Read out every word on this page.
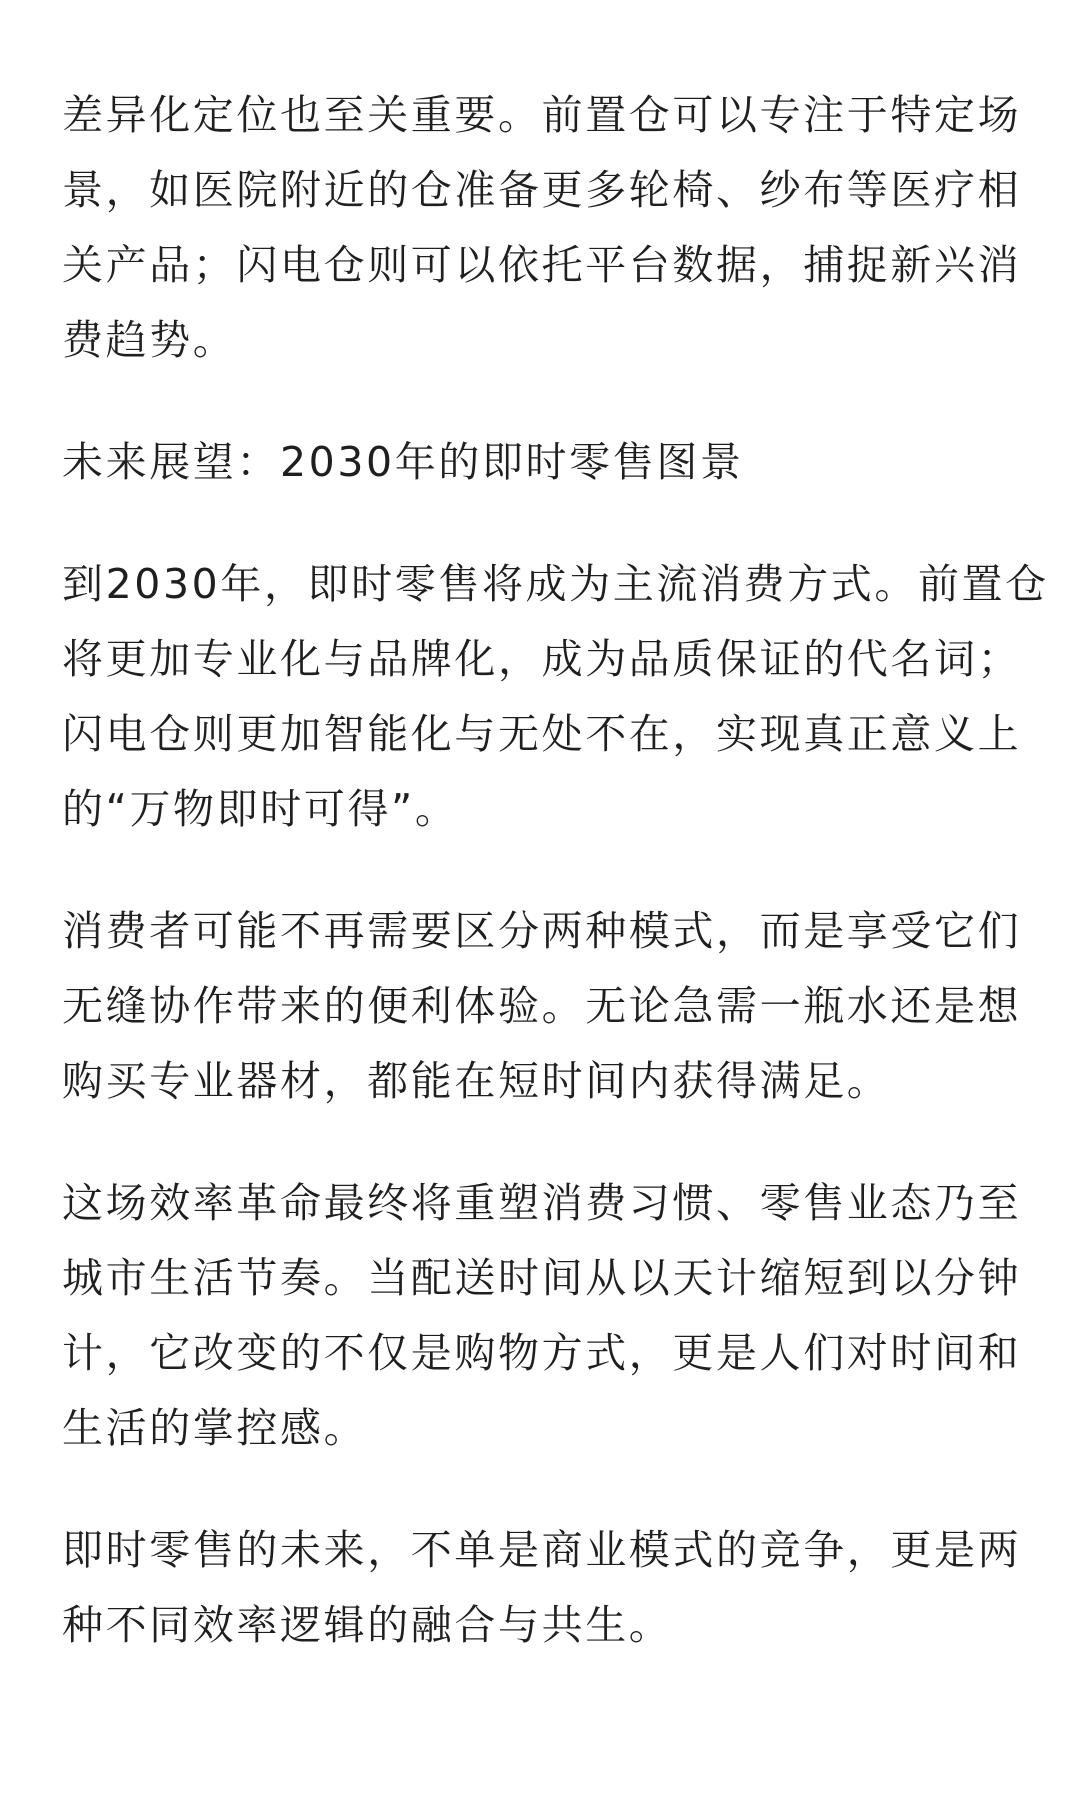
差异化定位也至关重要。前置仓可以专注于特定场
景，如医院附近的仓准备更多轮椅、纱布等医疗相
关产品；闪电仓则可以依托平台数据，捕捉新兴消
费趋势。

未来展望：2030年的即时零售图景

到2030年，即时零售将成为主流消费方式。前置仓
将更加专业化与品牌化，成为品质保证的代名词；
闪电仓则更加智能化与无处不在，实现真正意义上
的“万物即时可得”。

消费者可能不再需要区分两种模式，而是享受它们
无缝协作带来的便利体验。无论急需一瓶水还是想
购买专业器材，都能在短时间内获得满足。

这场效率革命最终将重塑消费习惯、零售业态乃至
城市生活节奏。当配送时间从以天计缩短到以分钟
计，它改变的不仅是购物方式，更是人们对时间和
生活的掌控感。

即时零售的未来，不单是商业模式的竞争，更是两
种不同效率逻辑的融合与共生。
